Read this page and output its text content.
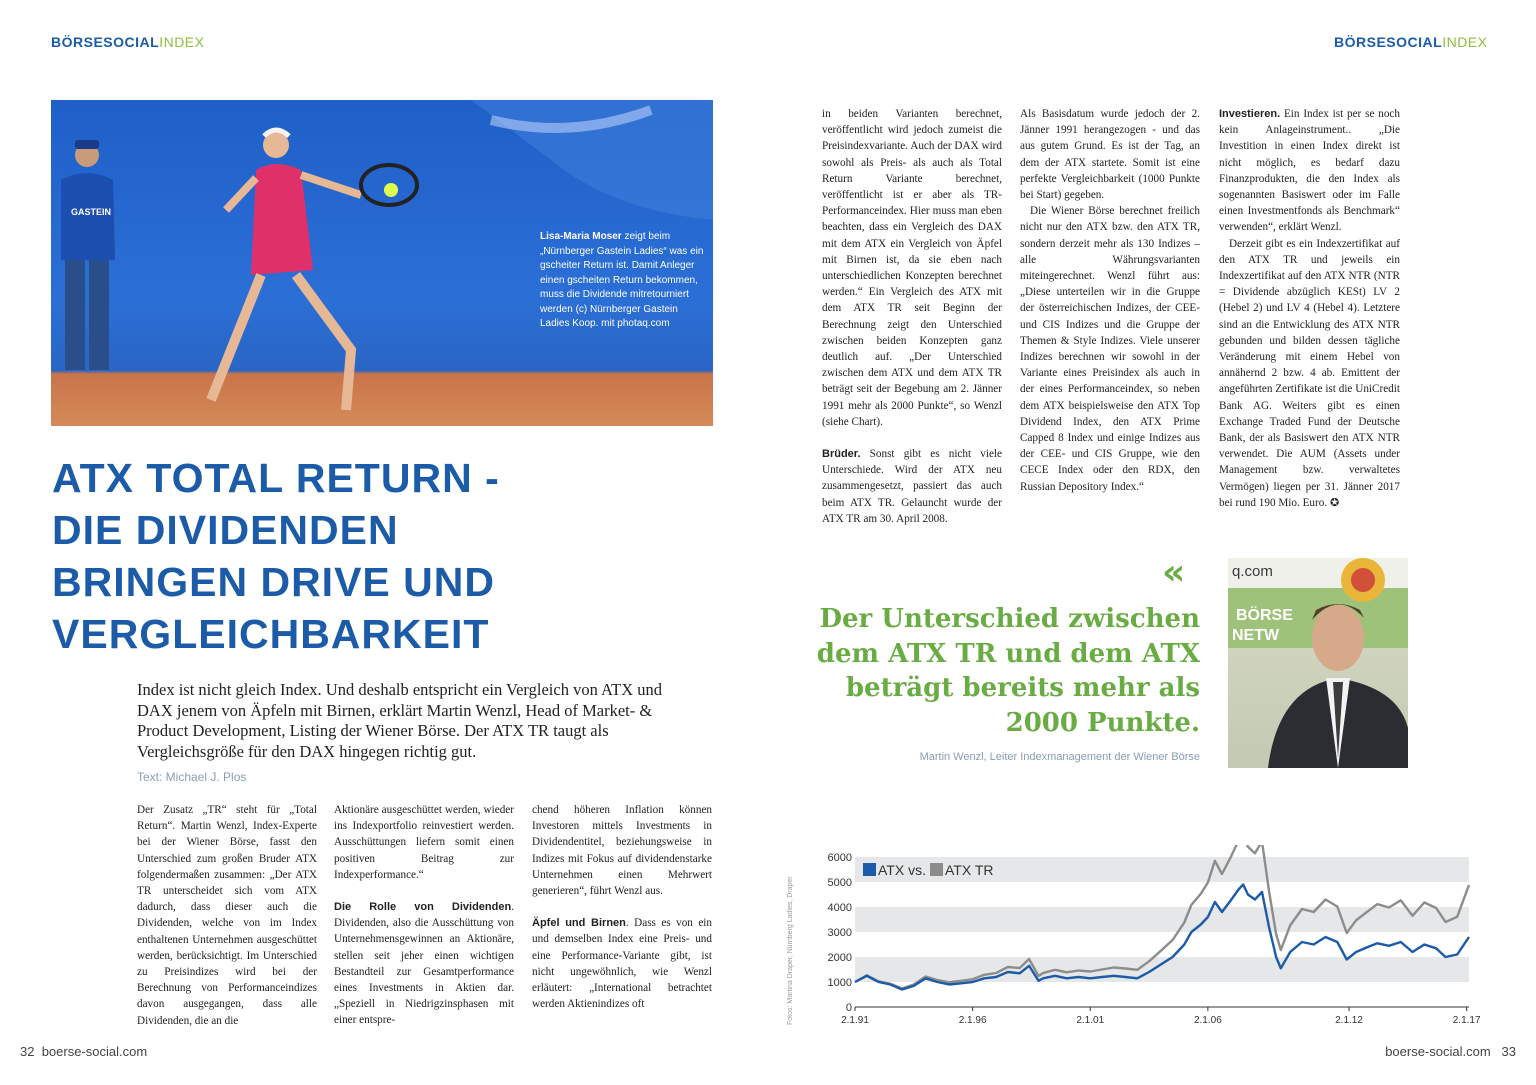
BÖRSESOCIALINDEX	BÖRSESOCIALINDEX
GASTEIN
Lisa-Maria Moser zeigt beim „Nürnberger Gastein Ladies“ was ein gscheiter Return ist. Damit Anleger einen gscheiten Return bekommen, muss die Dividende mitretourniert werden (c) Nürnberger Gastein Ladies Koop. mit photaq.com
ATX TOTAL RETURN -
DIE DIVIDENDEN
BRINGEN DRIVE UND
VERGLEICHBARKEIT
Index ist nicht gleich Index. Und deshalb entspricht ein Vergleich von ATX und DAX jenem von Äpfeln mit Birnen, erklärt Martin Wenzl, Head of Market- & Product Development, Listing der Wiener Börse. Der ATX TR taugt als Vergleichsgröße für den DAX hingegen richtig gut.
Text: Michael J. Plos

Der Zusatz „TR“ steht für „Total Return“. Martin Wenzl, Index-Experte bei der Wiener Börse, fasst den Unterschied zum großen Bruder ATX folgendermaßen zusammen: „Der ATX TR unterscheidet sich vom ATX dadurch, dass dieser auch die Dividenden, welche von im Index enthaltenen Unternehmen ausgeschüttet werden, berücksichtigt. Im Unterschied zu Preisindizes wird bei der Berechnung von Performanceindizes davon ausgegangen, dass alle Dividenden, die an die

Aktionäre ausgeschüttet werden, wieder ins Indexportfolio reinvestiert werden. Ausschüttungen liefern somit einen positiven Beitrag zur Indexperformance.“

Die Rolle von Dividenden. Dividenden, also die Ausschüttung von Unternehmensgewinnen an Aktionäre, stellen seit jeher einen wichtigen Bestandteil zur Gesamtperformance eines Investments in Aktien dar. „Speziell in Niedrigzinsphasen mit einer entspre-

chend höheren Inflation können Investoren mittels Investments in Dividendentitel, beziehungsweise in Indizes mit Fokus auf dividendenstarke Unternehmen einen Mehrwert generieren“, führt Wenzl aus.

Äpfel und Birnen. Dass es von ein und demselben Index eine Preis- und eine Performance-Variante gibt, ist nicht ungewöhnlich, wie Wenzl erläutert: „International betrachtet werden Aktienindizes oft

in beiden Varianten berechnet, veröffentlicht wird jedoch zumeist die Preisindexvariante. Auch der DAX wird sowohl als Preis- als auch als Total Return Variante berechnet, veröffentlicht ist er aber als TR-Performanceindex. Hier muss man eben beachten, dass ein Vergleich des DAX mit dem ATX ein Vergleich von Äpfel mit Birnen ist, da sie eben nach unterschiedlichen Konzepten berechnet werden.“ Ein Vergleich des ATX mit dem ATX TR seit Beginn der Berechnung zeigt den Unterschied zwischen beiden Konzepten ganz deutlich auf. „Der Unterschied zwischen dem ATX und dem ATX TR beträgt seit der Begebung am 2. Jänner 1991 mehr als 2000 Punkte“, so Wenzl (siehe Chart).

Brüder. Sonst gibt es nicht viele Unterschiede. Wird der ATX neu zusammengesetzt, passiert das auch beim ATX TR. Gelauncht wurde der ATX TR am 30. April 2008.

Als Basisdatum wurde jedoch der 2. Jänner 1991 herangezogen - und das aus gutem Grund. Es ist der Tag, an dem der ATX startete. Somit ist eine perfekte Vergleichbarkeit (1000 Punkte bei Start) gegeben.

Die Wiener Börse berechnet freilich nicht nur den ATX bzw. den ATX TR, sondern derzeit mehr als 130 Indizes – alle Währungsvarianten miteingerechnet. Wenzl führt aus: „Diese unterteilen wir in die Gruppe der österreichischen Indizes, der CEE- und CIS Indizes und die Gruppe der Themen & Style Indizes. Viele unserer Indizes berechnen wir sowohl in der Variante eines Preisindex als auch in der eines Performanceindex, so neben dem ATX beispielsweise den ATX Top Dividend Index, den ATX Prime Capped 8 Index und einige Indizes aus der CEE- und CIS Gruppe, wie den CECE Index oder den RDX, den Russian Depository Index.“

Investieren. Ein Index ist per se noch kein Anlageinstrument.. „Die Investition in einen Index direkt ist nicht möglich, es bedarf dazu Finanzprodukten, die den Index als sogenannten Basiswert oder im Falle einen Investmentfonds als Benchmark“ verwenden“, erklärt Wenzl.

Derzeit gibt es ein Indexzertifikat auf den ATX TR und jeweils ein Indexzertifikat auf den ATX NTR (NTR = Dividende abzüglich KESt) LV 2 (Hebel 2) und LV 4 (Hebel 4). Letztere sind an die Entwicklung des ATX NTR gebunden und bilden dessen tägliche Veränderung mit einem Hebel von annähernd 2 bzw. 4 ab. Emittent der angeführten Zertifikate ist die UniCredit Bank AG. Weiters gibt es einen Exchange Traded Fund der Deutsche Bank, der als Basiswert den ATX NTR verwendet. Die AUM (Assets under Management bzw. verwaltetes Vermögen) liegen per 31. Jänner 2017 bei rund 190 Mio. Euro. ✪

«
Der Unterschied zwischen dem ATX TR und dem ATX beträgt bereits mehr als 2000 Punkte.
Martin Wenzl, Leiter Indexmanagement der Wiener Börse
q.com
BÖRSE
NETW
0
1000
2000
3000
4000
5000
6000
2.1.91	2.1.96	2.1.01	2.1.06	2.1.12	2.1.17
ATX vs. ATX TR
Fotos: Martina Draper, Nürnberg Ladies, Draper
32 boerse-social.com	boerse-social.com 33
